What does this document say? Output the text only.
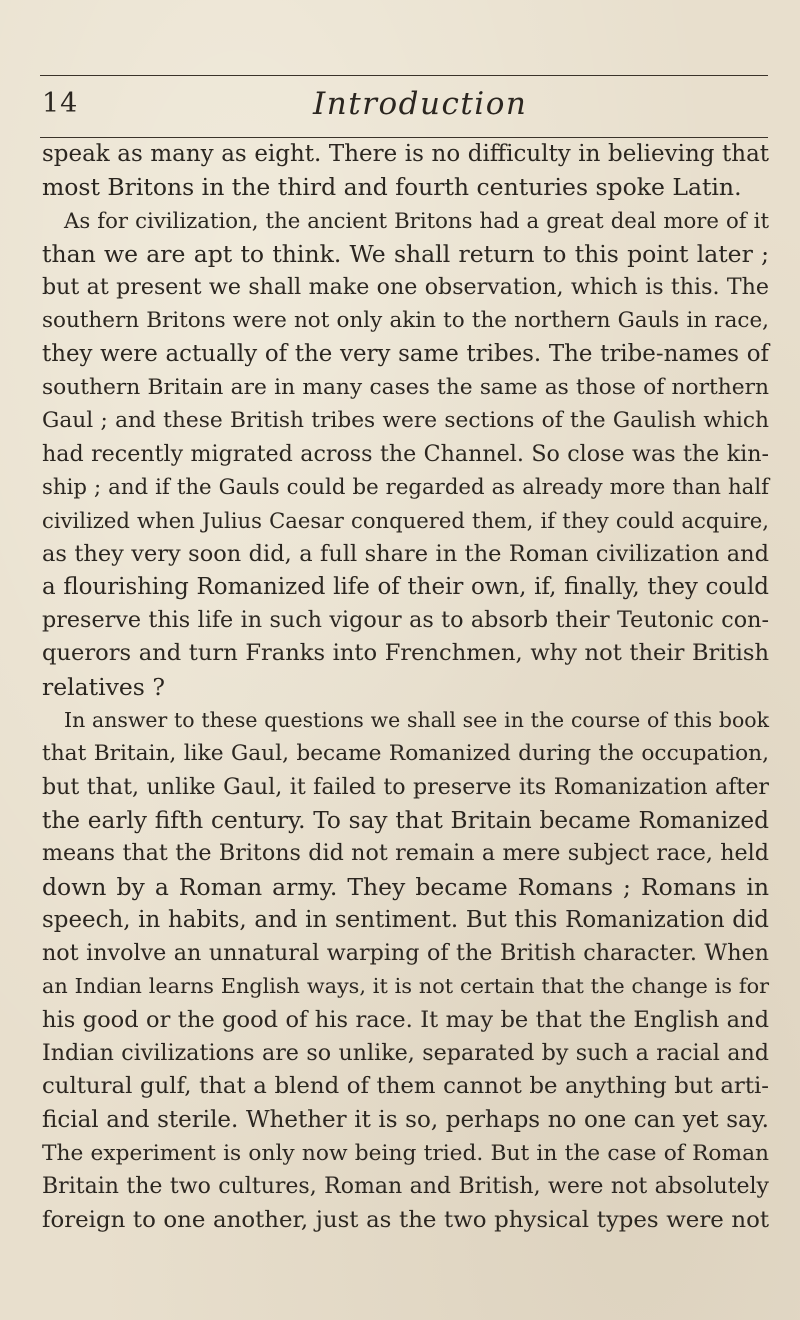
14	Introduction
speak as many as eight. There is no difficulty in believing that
most Britons in the third and fourth centuries spoke Latin.
As for civilization, the ancient Britons had a great deal more of it
than we are apt to think. We shall return to this point later ;
but at present we shall make one observation, which is this. The
southern Britons were not only akin to the northern Gauls in race,
they were actually of the very same tribes. The tribe-names of
southern Britain are in many cases the same as those of northern
Gaul ; and these British tribes were sections of the Gaulish which
had recently migrated across the Channel. So close was the kin-
ship ; and if the Gauls could be regarded as already more than half
civilized when Julius Caesar conquered them, if they could acquire,
as they very soon did, a full share in the Roman civilization and
a flourishing Romanized life of their own, if, finally, they could
preserve this life in such vigour as to absorb their Teutonic con-
querors and turn Franks into Frenchmen, why not their British
relatives ?
In answer to these questions we shall see in the course of this book
that Britain, like Gaul, became Romanized during the occupation,
but that, unlike Gaul, it failed to preserve its Romanization after
the early fifth century. To say that Britain became Romanized
means that the Britons did not remain a mere subject race, held
down by a Roman army. They became Romans ; Romans in
speech, in habits, and in sentiment. But this Romanization did
not involve an unnatural warping of the British character. When
an Indian learns English ways, it is not certain that the change is for
his good or the good of his race. It may be that the English and
Indian civilizations are so unlike, separated by such a racial and
cultural gulf, that a blend of them cannot be anything but arti-
ficial and sterile. Whether it is so, perhaps no one can yet say.
The experiment is only now being tried. But in the case of Roman
Britain the two cultures, Roman and British, were not absolutely
foreign to one another, just as the two physical types were not
